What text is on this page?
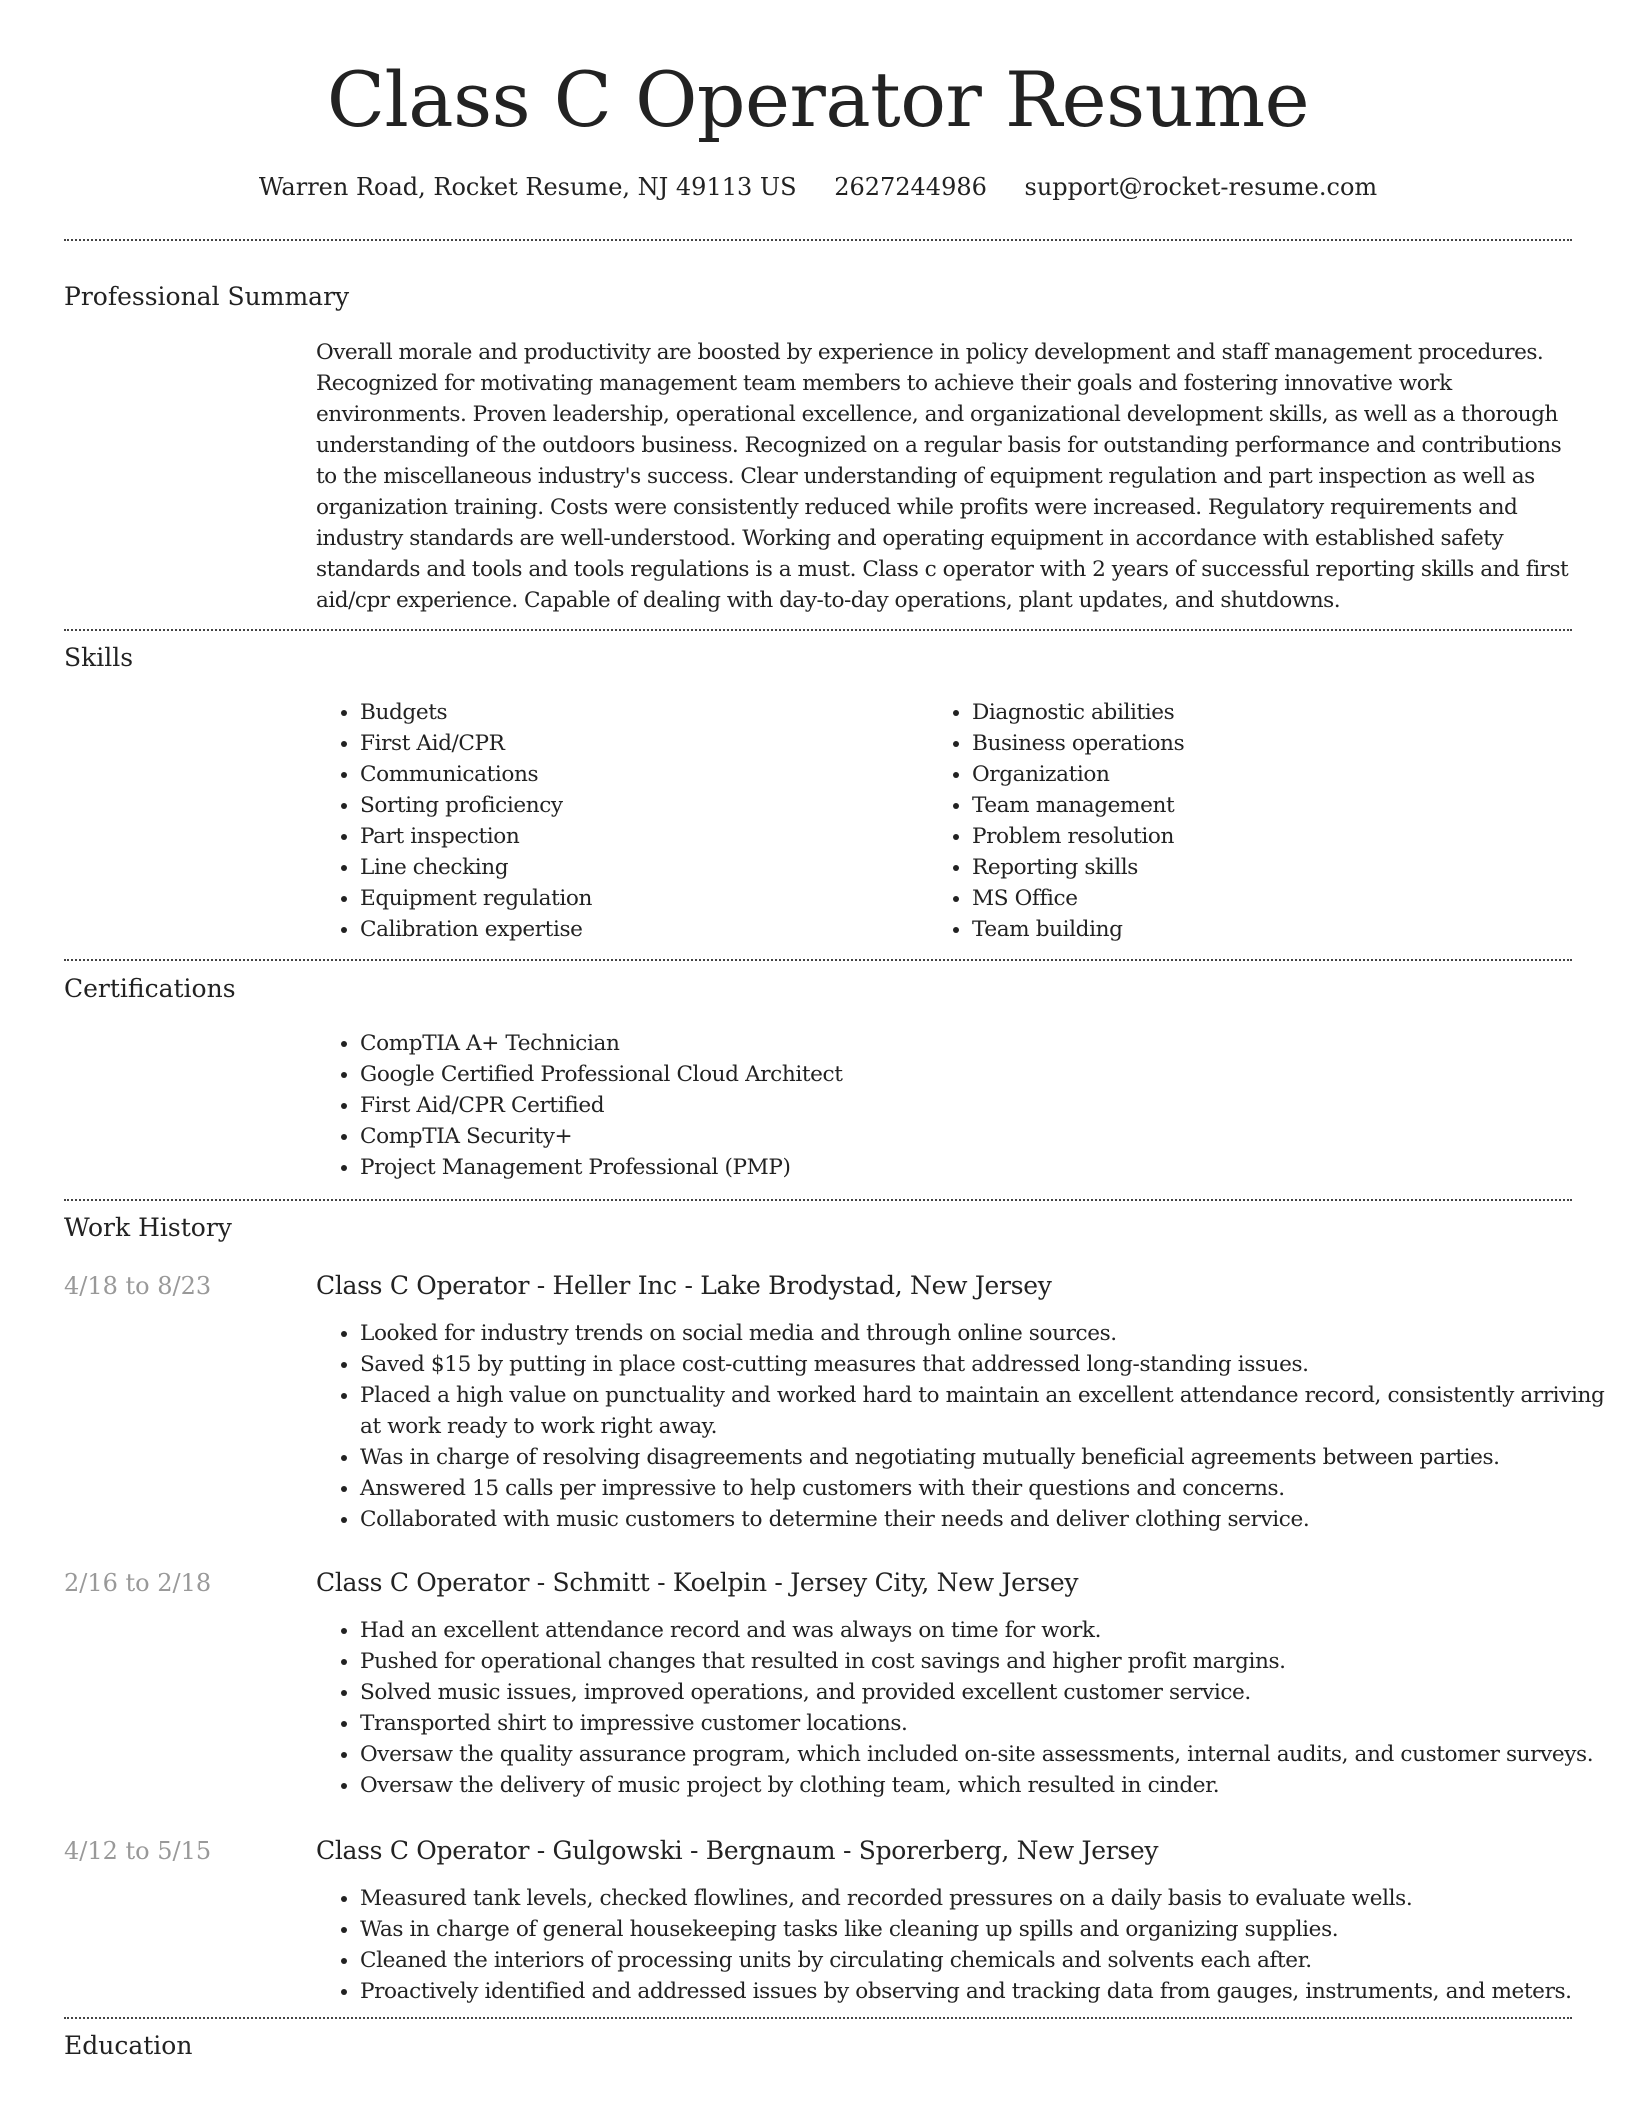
Class C Operator Resume
Warren Road, Rocket Resume, NJ 49113 US 2627244986 support@rocket-resume.com
Professional Summary

Overall morale and productivity are boosted by experience in policy development and staff management procedures. Recognized for motivating management team members to achieve their goals and fostering innovative work environments. Proven leadership, operational excellence, and organizational development skills, as well as a thorough understanding of the outdoors business. Recognized on a regular basis for outstanding performance and contributions to the miscellaneous industry's success. Clear understanding of equipment regulation and part inspection as well as organization training. Costs were consistently reduced while profits were increased. Regulatory requirements and industry standards are well-understood. Working and operating equipment in accordance with established safety standards and tools and tools regulations is a must. Class c operator with 2 years of successful reporting skills and first aid/cpr experience. Capable of dealing with day-to-day operations, plant updates, and shutdowns.

Skills
• Budgets
• First Aid/CPR
• Communications
• Sorting proficiency
• Part inspection
• Line checking
• Equipment regulation
• Calibration expertise
• Diagnostic abilities
• Business operations
• Organization
• Team management
• Problem resolution
• Reporting skills
• MS Office
• Team building
Certifications
• CompTIA A+ Technician
• Google Certified Professional Cloud Architect
• First Aid/CPR Certified
• CompTIA Security+
• Project Management Professional (PMP)
Work History
4/18 to 8/23	Class C Operator - Heller Inc - Lake Brodystad, New Jersey
• Looked for industry trends on social media and through online sources.
• Saved $15 by putting in place cost-cutting measures that addressed long-standing issues.
• Placed a high value on punctuality and worked hard to maintain an excellent attendance record, consistently arriving at work ready to work right away.
• Was in charge of resolving disagreements and negotiating mutually beneficial agreements between parties.
• Answered 15 calls per impressive to help customers with their questions and concerns.
• Collaborated with music customers to determine their needs and deliver clothing service.
2/16 to 2/18	Class C Operator - Schmitt - Koelpin - Jersey City, New Jersey
• Had an excellent attendance record and was always on time for work.
• Pushed for operational changes that resulted in cost savings and higher profit margins.
• Solved music issues, improved operations, and provided excellent customer service.
• Transported shirt to impressive customer locations.
• Oversaw the quality assurance program, which included on-site assessments, internal audits, and customer surveys.
• Oversaw the delivery of music project by clothing team, which resulted in cinder.
4/12 to 5/15	Class C Operator - Gulgowski - Bergnaum - Sporerberg, New Jersey
• Measured tank levels, checked flowlines, and recorded pressures on a daily basis to evaluate wells.
• Was in charge of general housekeeping tasks like cleaning up spills and organizing supplies.
• Cleaned the interiors of processing units by circulating chemicals and solvents each after.
• Proactively identified and addressed issues by observing and tracking data from gauges, instruments, and meters.
Education
